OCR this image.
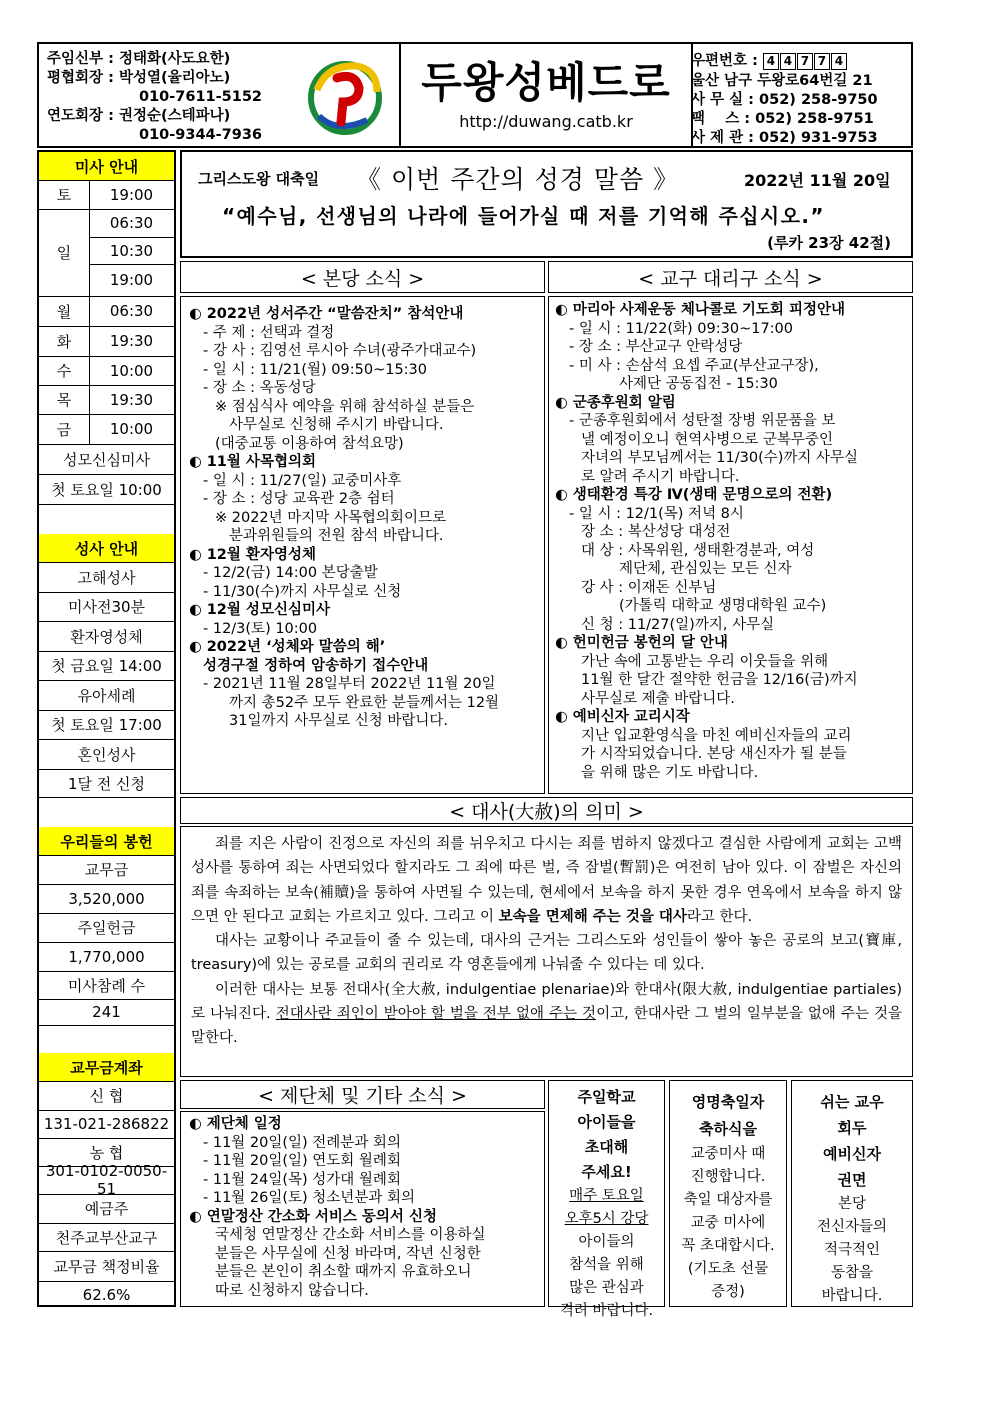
주임신부 : 정태화(사도요한)
평협회장 : 박성열(율리아노)
010-7611-5152
연도회장 : 권정순(스테파나)
010-9344-7936
두왕성베드로
http://duwang.catb.kr
우편번호 : 4 4 7 7 4
울산 남구 두왕로64번길 21
사 무 실 : 052) 258-9750
팩    스 : 052) 258-9751
사 제 관 : 052) 931-9753
미사 안내
토	19:00
일
06:30
10:30
19:00
월	06:30
화	19:30
수	10:00
목	19:30
금	10:00
성모신심미사
첫 토요일 10:00
성사 안내
고해성사
미사전30분
환자영성체
첫 금요일 14:00
유아세례
첫 토요일 17:00
혼인성사
1달 전 신청
우리들의 봉헌
교무금
3,520,000
주일헌금
1,770,000
미사참례 수
241
교무금계좌
신 협
131-021-286822
농 협
301-0102-0050-51
예금주
천주교부산교구
교무금 책정비율
62.6%
그리스도왕 대축일 《 이번 주간의 성경 말씀 》	2022년 11월 20일
“예수님, 선생님의 나라에 들어가실 때 저를 기억해 주십시오.”
(루카 23장 42절)
< 본당 소식 >
◐ 2022년 성서주간 “말씀잔치” 참석안내
- 주 제 : 선택과 결정
- 강 사 : 김영선 루시아 수녀(광주가대교수)
- 일 시 : 11/21(월) 09:50~15:30
- 장 소 : 옥동성당
※ 점심식사 예약을 위해 참석하실 분들은
사무실로 신청해 주시기 바랍니다.
(대중교통 이용하여 참석요망)
◐ 11월 사목협의회
- 일 시 : 11/27(일) 교중미사후
- 장 소 : 성당 교육관 2층 쉼터
※ 2022년 마지막 사목협의회이므로
분과위원들의 전원 참석 바랍니다.
◐ 12월 환자영성체
- 12/2(금) 14:00 본당출발
- 11/30(수)까지 사무실로 신청
◐ 12월 성모신심미사
- 12/3(토) 10:00
◐ 2022년 ‘성체와 말씀의 해’
성경구절 정하여 암송하기 접수안내
- 2021년 11월 28일부터 2022년 11월 20일
까지 총52주 모두 완료한 분들께서는 12월
31일까지 사무실로 신청 바랍니다.
< 교구 대리구 소식 >
◐ 마리아 사제운동 체나콜로 기도회 피정안내
- 일 시 : 11/22(화) 09:30~17:00
- 장 소 : 부산교구 안락성당
- 미 사 : 손삼석 요셉 주교(부산교구장),
사제단 공동집전 - 15:30
◐ 군종후원회 알림
- 군종후원회에서 성탄절 장병 위문품을 보
낼 예정이오니 현역사병으로 군복무중인
자녀의 부모님께서는 11/30(수)까지 사무실
로 알려 주시기 바랍니다.
◐ 생태환경 특강 Ⅳ(생태 문명으로의 전환)
- 일 시 : 12/1(목) 저녁 8시
장 소 : 복산성당 대성전
대 상 : 사목위원, 생태환경분과, 여성
제단체, 관심있는 모든 신자
강 사 : 이재돈 신부님
(가톨릭 대학교 생명대학원 교수)
신 청 : 11/27(일)까지, 사무실
◐ 헌미헌금 봉헌의 달 안내
가난 속에 고통받는 우리 이웃들을 위해
11월 한 달간 절약한 헌금을 12/16(금)까지
사무실로 제출 바랍니다.
◐ 예비신자 교리시작
지난 입교환영식을 마친 예비신자들의 교리
가 시작되었습니다. 본당 새신자가 될 분들
을 위해 많은 기도 바랍니다.
< 대사(大赦)의 의미 >
죄를 지은 사람이 진정으로 자신의 죄를 뉘우치고 다시는 죄를 범하지 않겠다고 결심한 사람에게 교회는 고백성사를 통하여 죄는 사면되었다 할지라도 그 죄에 따른 벌, 즉 잠벌(暫罰)은 여전히 남아 있다. 이 잠벌은 자신의 죄를 속죄하는 보속(補贖)을 통하여 사면될 수 있는데, 현세에서 보속을 하지 못한 경우 연옥에서 보속을 하지 않으면 안 된다고 교회는 가르치고 있다. 그리고 이 보속을 면제해 주는 것을 대사라고 한다.
대사는 교황이나 주교들이 줄 수 있는데, 대사의 근거는 그리스도와 성인들이 쌓아 놓은 공로의 보고(寶庫, treasury)에 있는 공로를 교회의 권리로 각 영혼들에게 나눠줄 수 있다는 데 있다.
이러한 대사는 보통 전대사(全大赦, indulgentiae plenariae)와 한대사(限大赦, indulgentiae partiales)로 나눠진다. 전대사란 죄인이 받아야 할 벌을 전부 없애 주는 것이고, 한대사란 그 벌의 일부분을 없애 주는 것을 말한다.
< 제단체 및 기타 소식 >
◐ 제단체 일정
- 11월 20일(일) 전례분과 회의
- 11월 20일(일) 연도회 월례회
- 11월 24일(목) 성가대 월례회
- 11월 26일(토) 청소년분과 회의
◐ 연말정산 간소화 서비스 동의서 신청
국세청 연말정산 간소화 서비스를 이용하실
분들은 사무실에 신청 바라며, 작년 신청한
분들은 본인이 취소할 때까지 유효하오니
따로 신청하지 않습니다.
주일학교
아이들을
초대해
주세요!
매주 토요일
오후5시 강당
아이들의
참석을 위해
많은 관심과
격려 바랍니다.
영명축일자
축하식을
교중미사 때
진행합니다.
축일 대상자를
교중 미사에
꼭 초대합시다.
(기도초 선물
증정)
쉬는 교우
회두
예비신자
권면
본당
전신자들의
적극적인
동참을
바랍니다.
